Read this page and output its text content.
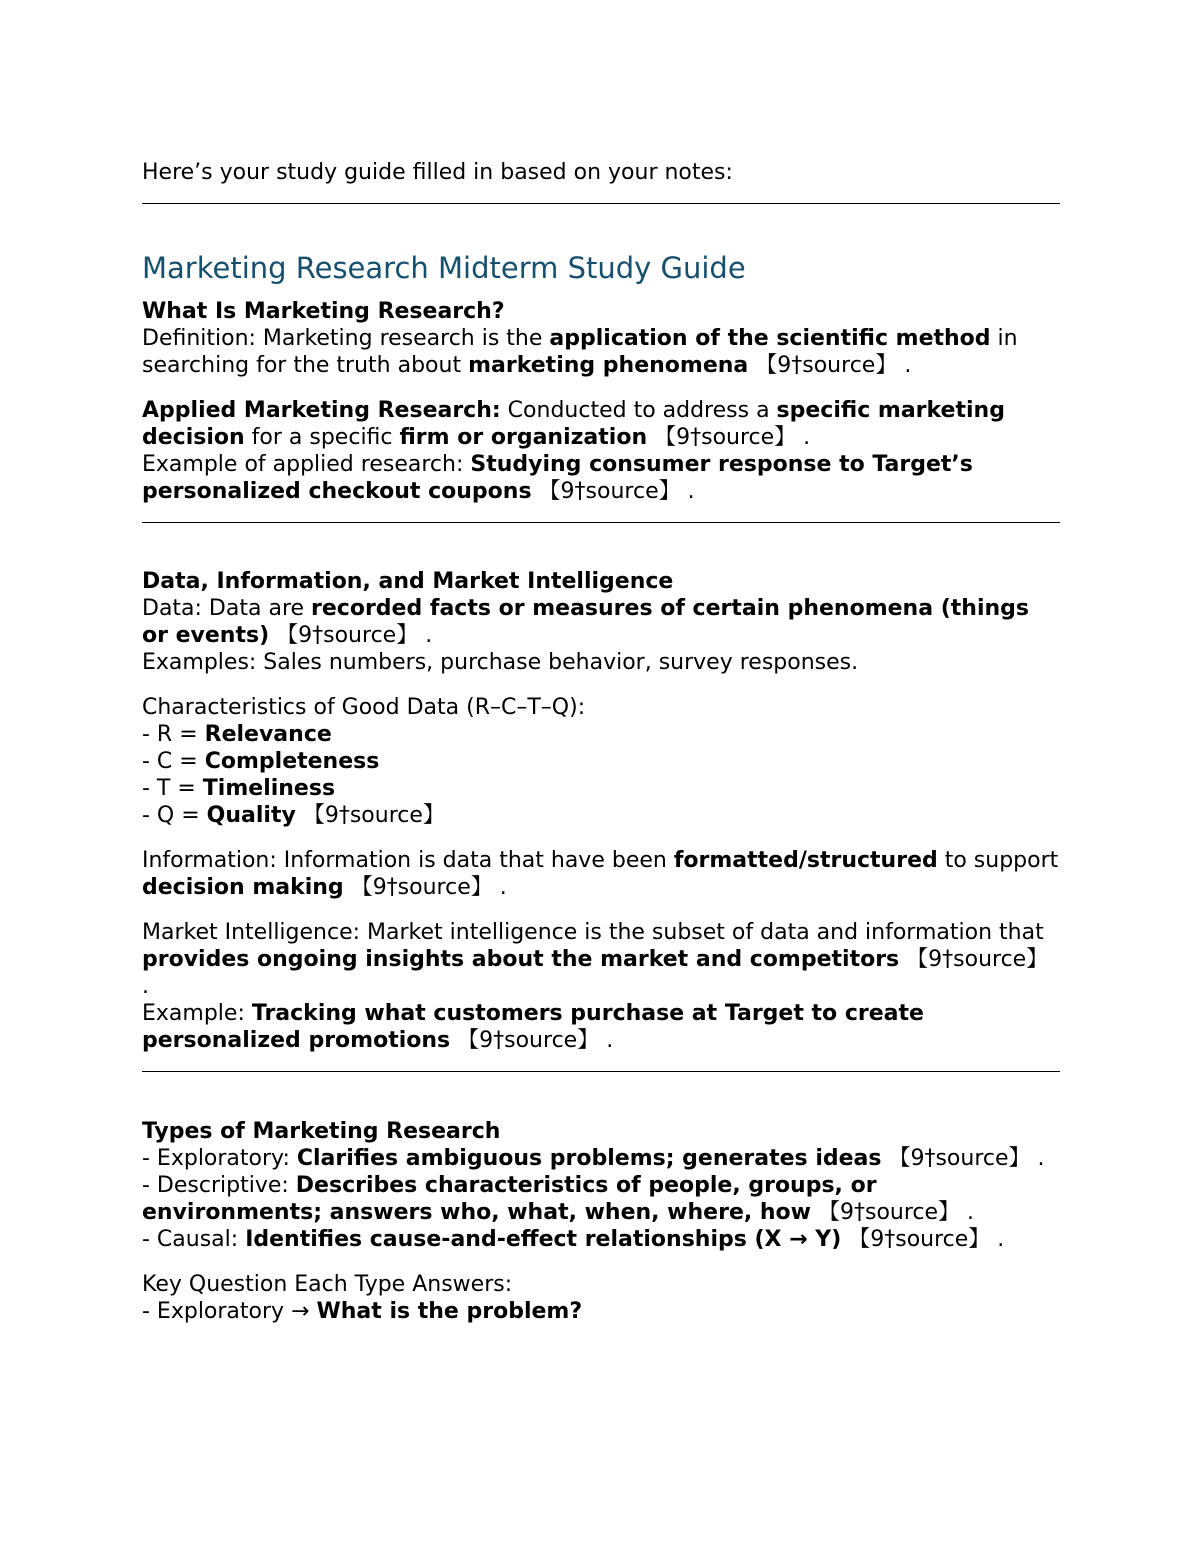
Here’s your study guide filled in based on your notes:

Marketing Research Midterm Study Guide

What Is Marketing Research?
Definition: Marketing research is the application of the scientific method in searching for the truth about marketing phenomena 【9†source】 .

Applied Marketing Research: Conducted to address a specific marketing decision for a specific firm or organization 【9†source】 .
Example of applied research: Studying consumer response to Target’s personalized checkout coupons 【9†source】 .

Data, Information, and Market Intelligence
Data: Data are recorded facts or measures of certain phenomena (things or events) 【9†source】 .
Examples: Sales numbers, purchase behavior, survey responses.

Characteristics of Good Data (R–C–T–Q):
- R = Relevance
- C = Completeness
- T = Timeliness
- Q = Quality 【9†source】

Information: Information is data that have been formatted/structured to support decision making 【9†source】 .

Market Intelligence: Market intelligence is the subset of data and information that provides ongoing insights about the market and competitors 【9†source】 .
Example: Tracking what customers purchase at Target to create personalized promotions 【9†source】 .

Types of Marketing Research
- Exploratory: Clarifies ambiguous problems; generates ideas 【9†source】 .
- Descriptive: Describes characteristics of people, groups, or environments; answers who, what, when, where, how 【9†source】 .
- Causal: Identifies cause-and-effect relationships (X → Y) 【9†source】 .

Key Question Each Type Answers:
- Exploratory → What is the problem?
